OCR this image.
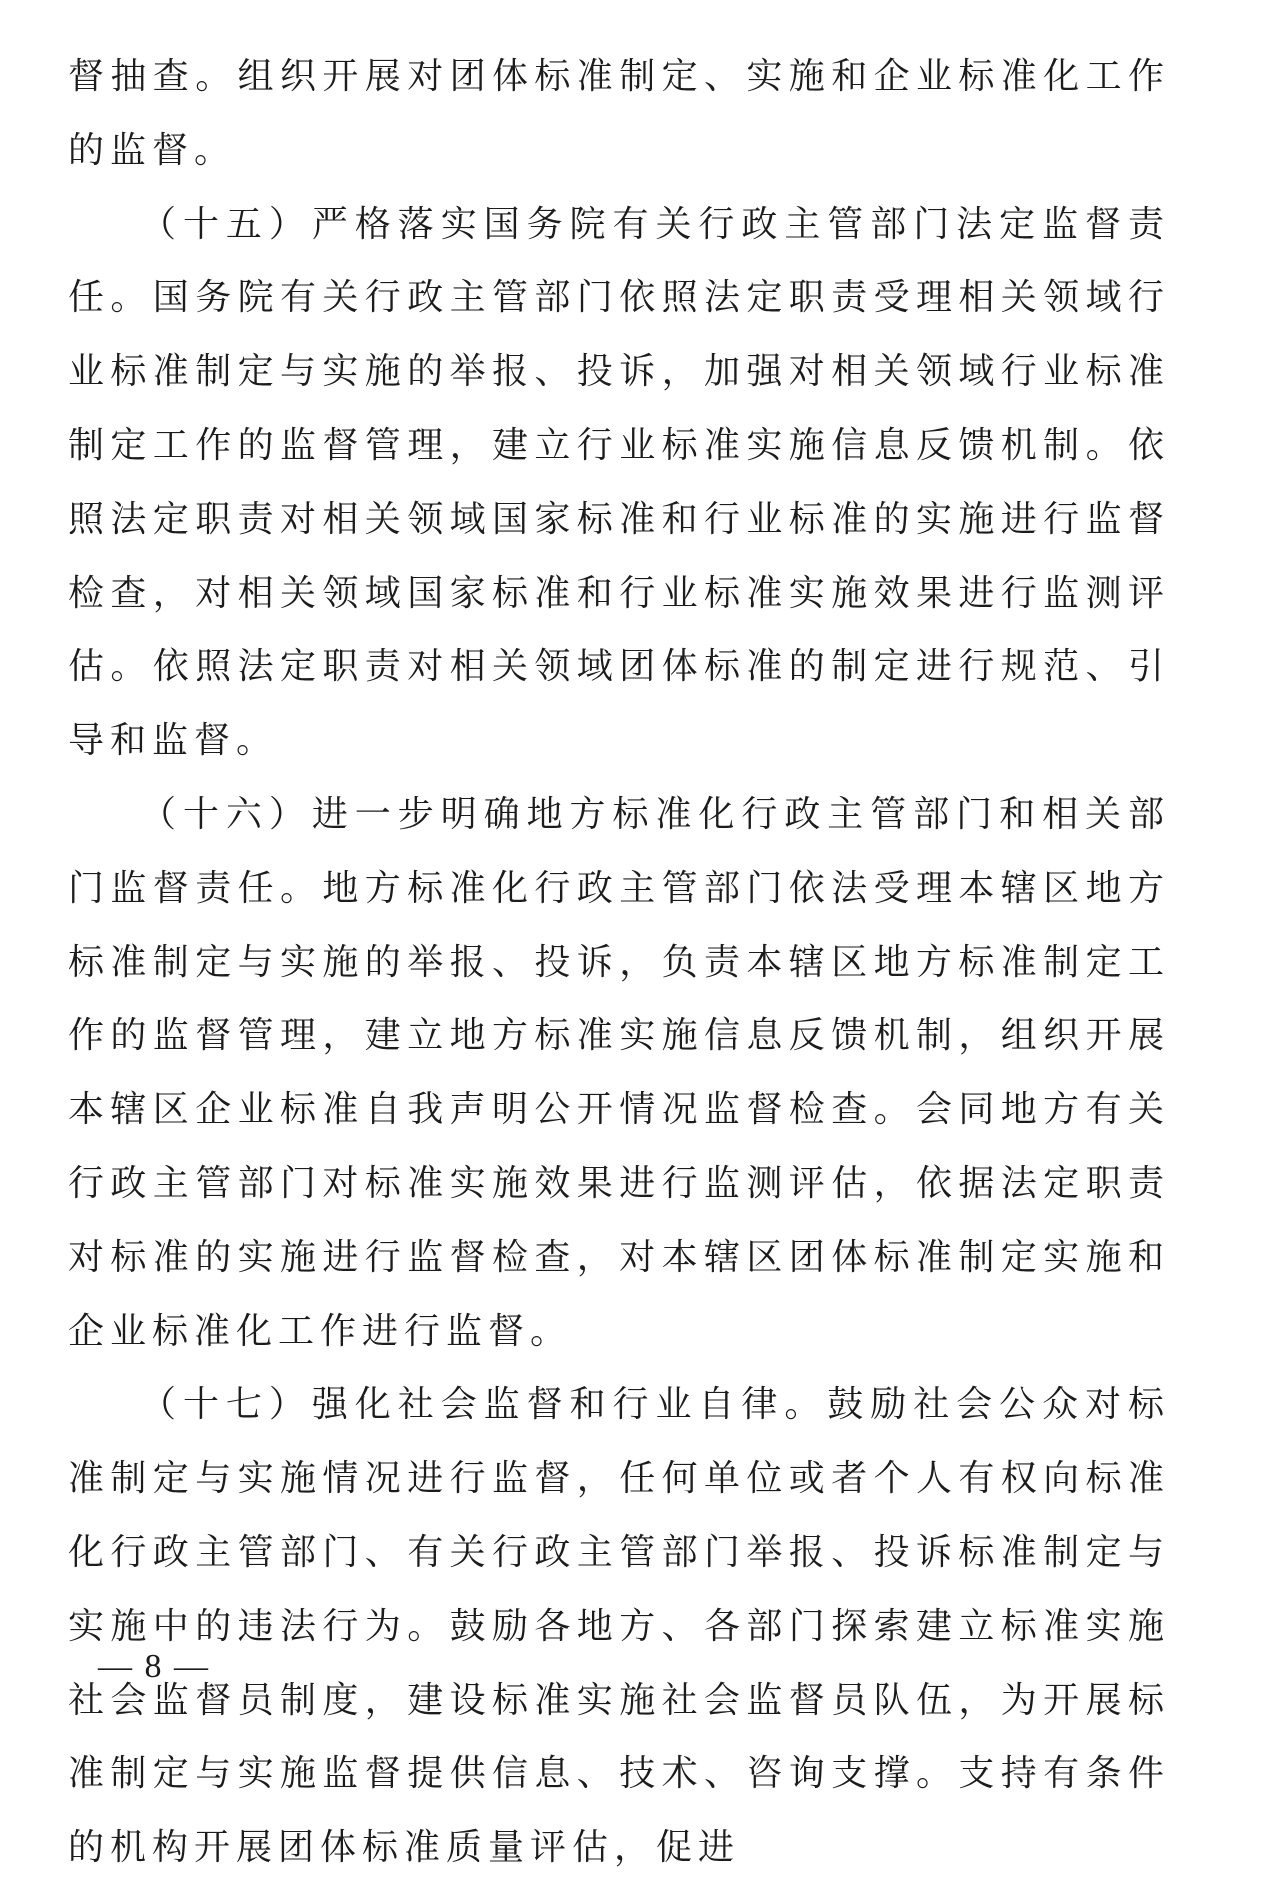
督抽查。组织开展对团体标准制定、实施和企业标准化工作的监督。

（十五）严格落实国务院有关行政主管部门法定监督责任。国务院有关行政主管部门依照法定职责受理相关领域行业标准制定与实施的举报、投诉，加强对相关领域行业标准制定工作的监督管理，建立行业标准实施信息反馈机制。依照法定职责对相关领域国家标准和行业标准的实施进行监督检查，对相关领域国家标准和行业标准实施效果进行监测评估。依照法定职责对相关领域团体标准的制定进行规范、引导和监督。

（十六）进一步明确地方标准化行政主管部门和相关部门监督责任。地方标准化行政主管部门依法受理本辖区地方标准制定与实施的举报、投诉，负责本辖区地方标准制定工作的监督管理，建立地方标准实施信息反馈机制，组织开展本辖区企业标准自我声明公开情况监督检查。会同地方有关行政主管部门对标准实施效果进行监测评估，依据法定职责对标准的实施进行监督检查，对本辖区团体标准制定实施和企业标准化工作进行监督。

（十七）强化社会监督和行业自律。鼓励社会公众对标准制定与实施情况进行监督，任何单位或者个人有权向标准化行政主管部门、有关行政主管部门举报、投诉标准制定与实施中的违法行为。鼓励各地方、各部门探索建立标准实施社会监督员制度，建设标准实施社会监督员队伍，为开展标准制定与实施监督提供信息、技术、咨询支撑。支持有条件的机构开展团体标准质量评估，促进

— 8 —
